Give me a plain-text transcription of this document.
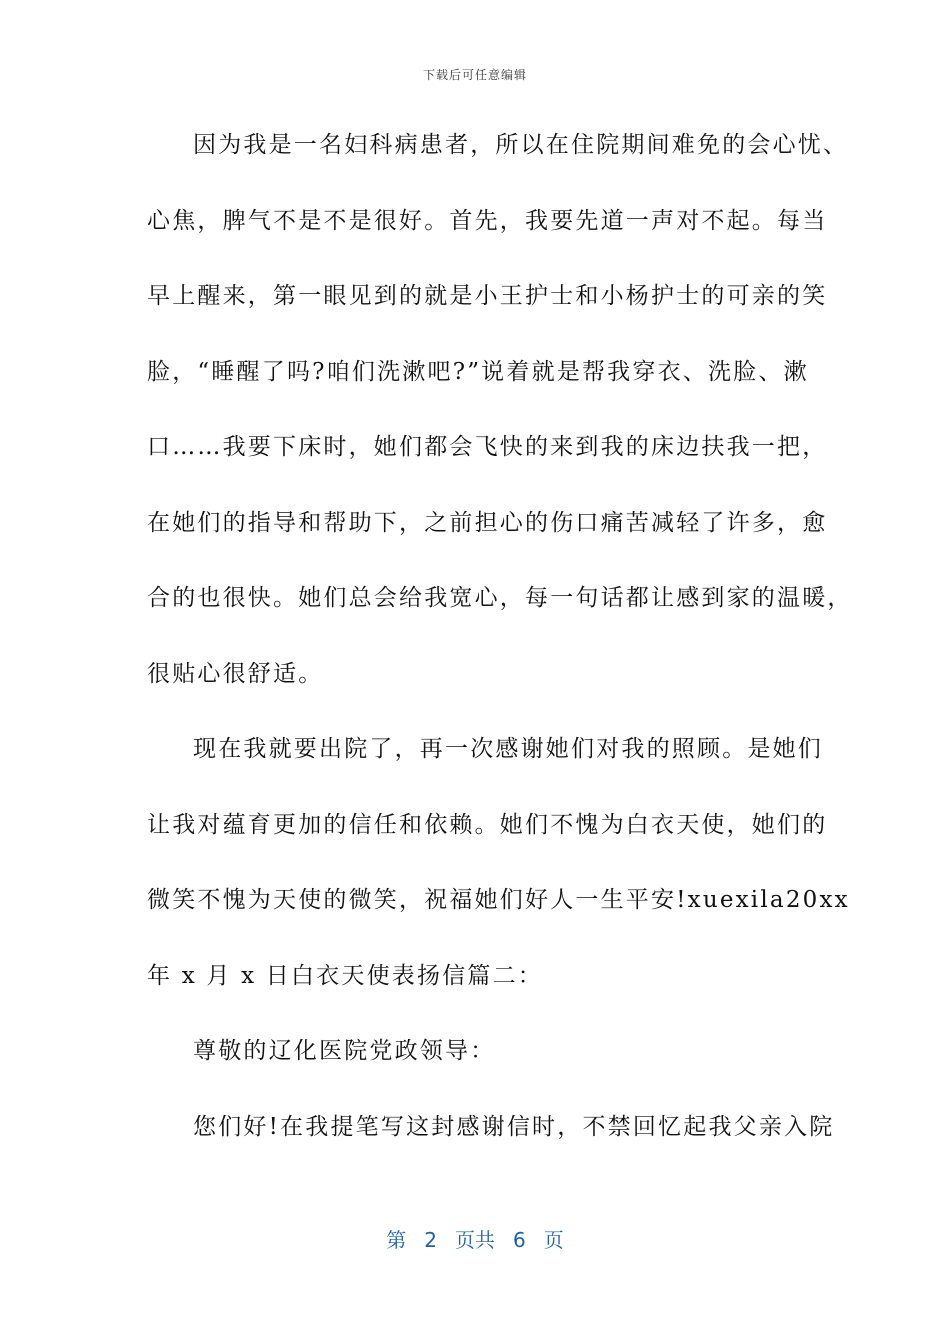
下载后可任意编辑
因为我是一名妇科病患者，所以在住院期间难免的会心忧、
心焦，脾气不是不是很好。首先，我要先道一声对不起。每当
早上醒来，第一眼见到的就是小王护士和小杨护士的可亲的笑
脸，“睡醒了吗?咱们洗漱吧?”说着就是帮我穿衣、洗脸、漱
口……我要下床时，她们都会飞快的来到我的床边扶我一把，
在她们的指导和帮助下，之前担心的伤口痛苦减轻了许多，愈
合的也很快。她们总会给我宽心，每一句话都让感到家的温暖，
很贴心很舒适。
现在我就要出院了，再一次感谢她们对我的照顾。是她们
让我对蕴育更加的信任和依赖。她们不愧为白衣天使，她们的
微笑不愧为天使的微笑，祝福她们好人一生平安!xuexila20xx
年 x 月 x 日白衣天使表扬信篇二：
尊敬的辽化医院党政领导：
您们好!在我提笔写这封感谢信时，不禁回忆起我父亲入院
第 2 页共 6 页
